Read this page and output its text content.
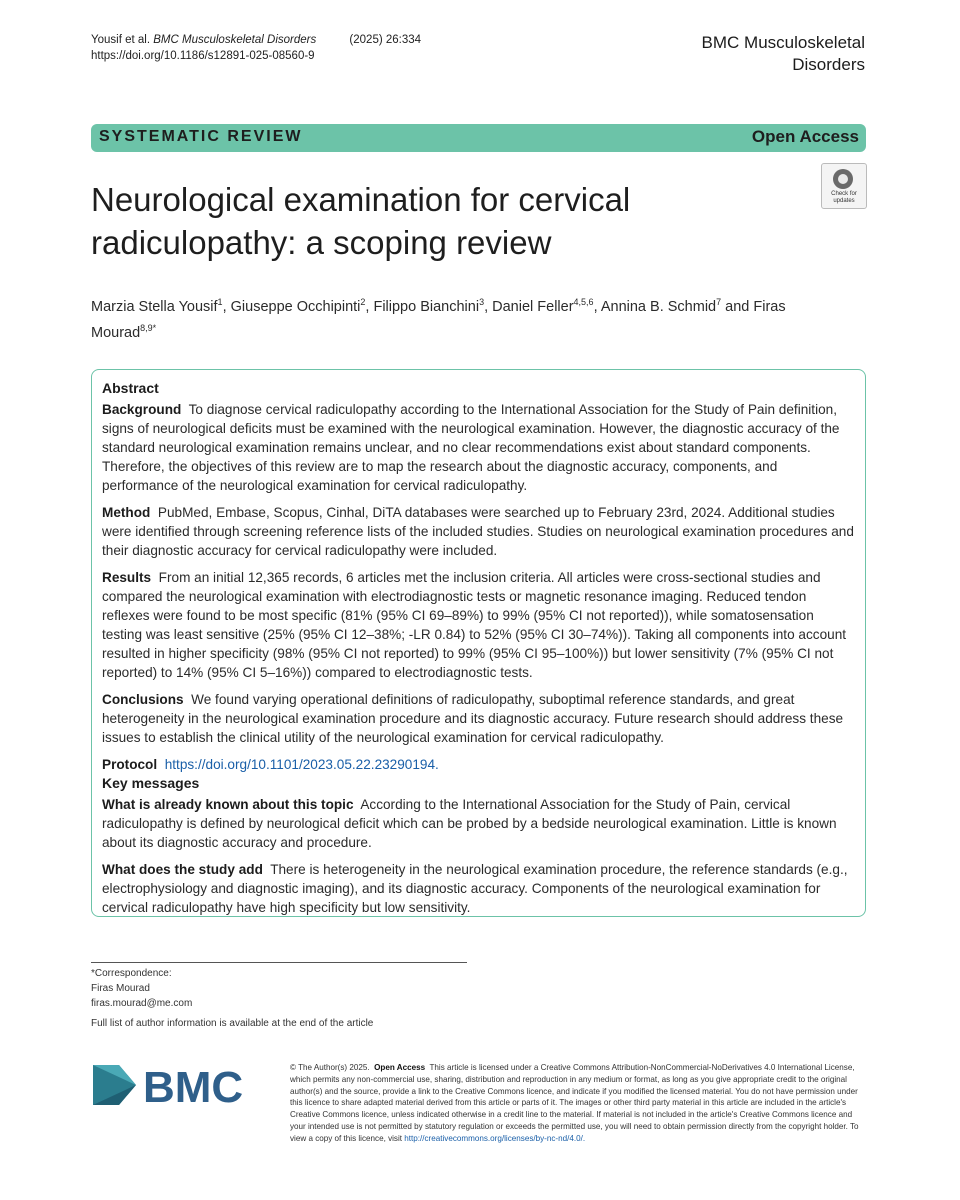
Yousif et al. BMC Musculoskeletal Disorders	(2025) 26:334
https://doi.org/10.1186/s12891-025-08560-9
BMC Musculoskeletal
Disorders
SYSTEMATIC REVIEW	Open Access
Check for
updates
Neurological examination for cervical radiculopathy: a scoping review
Marzia Stella Yousif$^1$, Giuseppe Occhipinti$^2$, Filippo Bianchini$^3$, Daniel Feller$^{4,5,6}$, Annina B. Schmid$^7$ and Firas Mourad$^{8,9*}$
Abstract

Background To diagnose cervical radiculopathy according to the International Association for the Study of Pain definition, signs of neurological deficits must be examined with the neurological examination. However, the diagnostic accuracy of the standard neurological examination remains unclear, and no clear recommendations exist about standard components. Therefore, the objectives of this review are to map the research about the diagnostic accuracy, components, and performance of the neurological examination for cervical radiculopathy.

Method PubMed, Embase, Scopus, Cinhal, DiTA databases were searched up to February 23rd, 2024. Additional studies were identified through screening reference lists of the included studies. Studies on neurological examination procedures and their diagnostic accuracy for cervical radiculopathy were included.

Results From an initial 12,365 records, 6 articles met the inclusion criteria. All articles were cross-sectional studies and compared the neurological examination with electrodiagnostic tests or magnetic resonance imaging. Reduced tendon reflexes were found to be most specific (81% (95% CI 69–89%) to 99% (95% CI not reported)), while somatosensation testing was least sensitive (25% (95% CI 12–38%; -LR 0.84) to 52% (95% CI 30–74%)). Taking all components into account resulted in higher specificity (98% (95% CI not reported) to 99% (95% CI 95–100%)) but lower sensitivity (7% (95% CI not reported) to 14% (95% CI 5–16%)) compared to electrodiagnostic tests.

Conclusions We found varying operational definitions of radiculopathy, suboptimal reference standards, and great heterogeneity in the neurological examination procedure and its diagnostic accuracy. Future research should address these issues to establish the clinical utility of the neurological examination for cervical radiculopathy.

Protocol https://doi.org/10.1101/2023.05.22.23290194.

Key messages

What is already known about this topic According to the International Association for the Study of Pain, cervical radiculopathy is defined by neurological deficit which can be probed by a bedside neurological examination. Little is known about its diagnostic accuracy and procedure.

What does the study add There is heterogeneity in the neurological examination procedure, the reference standards (e.g., electrophysiology and diagnostic imaging), and its diagnostic accuracy. Components of the neurological examination for cervical radiculopathy have high specificity but low sensitivity.

*Correspondence:
Firas Mourad
firas.mourad@me.com
Full list of author information is available at the end of the article
BMC	© The Author(s) 2025. Open Access This article is licensed under a Creative Commons Attribution-NonCommercial-NoDerivatives 4.0 International License, which permits any non-commercial use, sharing, distribution and reproduction in any medium or format, as long as you give appropriate credit to the original author(s) and the source, provide a link to the Creative Commons licence, and indicate if you modified the licensed material. You do not have permission under this licence to share adapted material derived from this article or parts of it. The images or other third party material in this article are included in the article's Creative Commons licence, unless indicated otherwise in a credit line to the material. If material is not included in the article's Creative Commons licence and your intended use is not permitted by statutory regulation or exceeds the permitted use, you will need to obtain permission directly from the copyright holder. To view a copy of this licence, visit http://creativecommons.org/licenses/by-nc-nd/4.0/.
